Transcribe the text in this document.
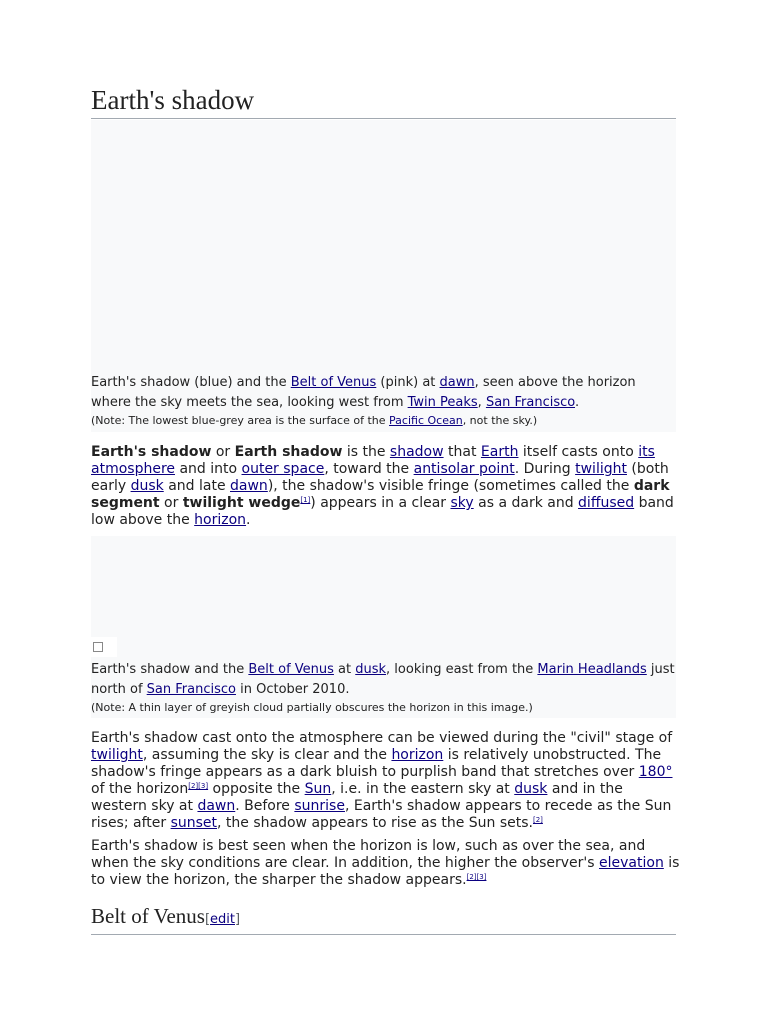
Earth's shadow
Earth's shadow (blue) and the Belt of Venus (pink) at dawn, seen above the horizon where the sky meets the sea, looking west from Twin Peaks, San Francisco.
(Note: The lowest blue-grey area is the surface of the Pacific Ocean, not the sky.)

Earth's shadow or Earth shadow is the shadow that Earth itself casts onto its atmosphere and into outer space, toward the antisolar point. During twilight (both early dusk and late dawn), the shadow's visible fringe (sometimes called the dark segment or twilight wedge[1]) appears in a clear sky as a dark and diffused band low above the horizon.

Earth's shadow and the Belt of Venus at dusk, looking east from the Marin Headlands just north of San Francisco in October 2010.
(Note: A thin layer of greyish cloud partially obscures the horizon in this image.)

Earth's shadow cast onto the atmosphere can be viewed during the "civil" stage of twilight, assuming the sky is clear and the horizon is relatively unobstructed. The shadow's fringe appears as a dark bluish to purplish band that stretches over 180° of the horizon[2][3] opposite the Sun, i.e. in the eastern sky at dusk and in the western sky at dawn. Before sunrise, Earth's shadow appears to recede as the Sun rises; after sunset, the shadow appears to rise as the Sun sets.[2]

Earth's shadow is best seen when the horizon is low, such as over the sea, and when the sky conditions are clear. In addition, the higher the observer's elevation is to view the horizon, the sharper the shadow appears.[2][3]

Belt of Venus[edit]
